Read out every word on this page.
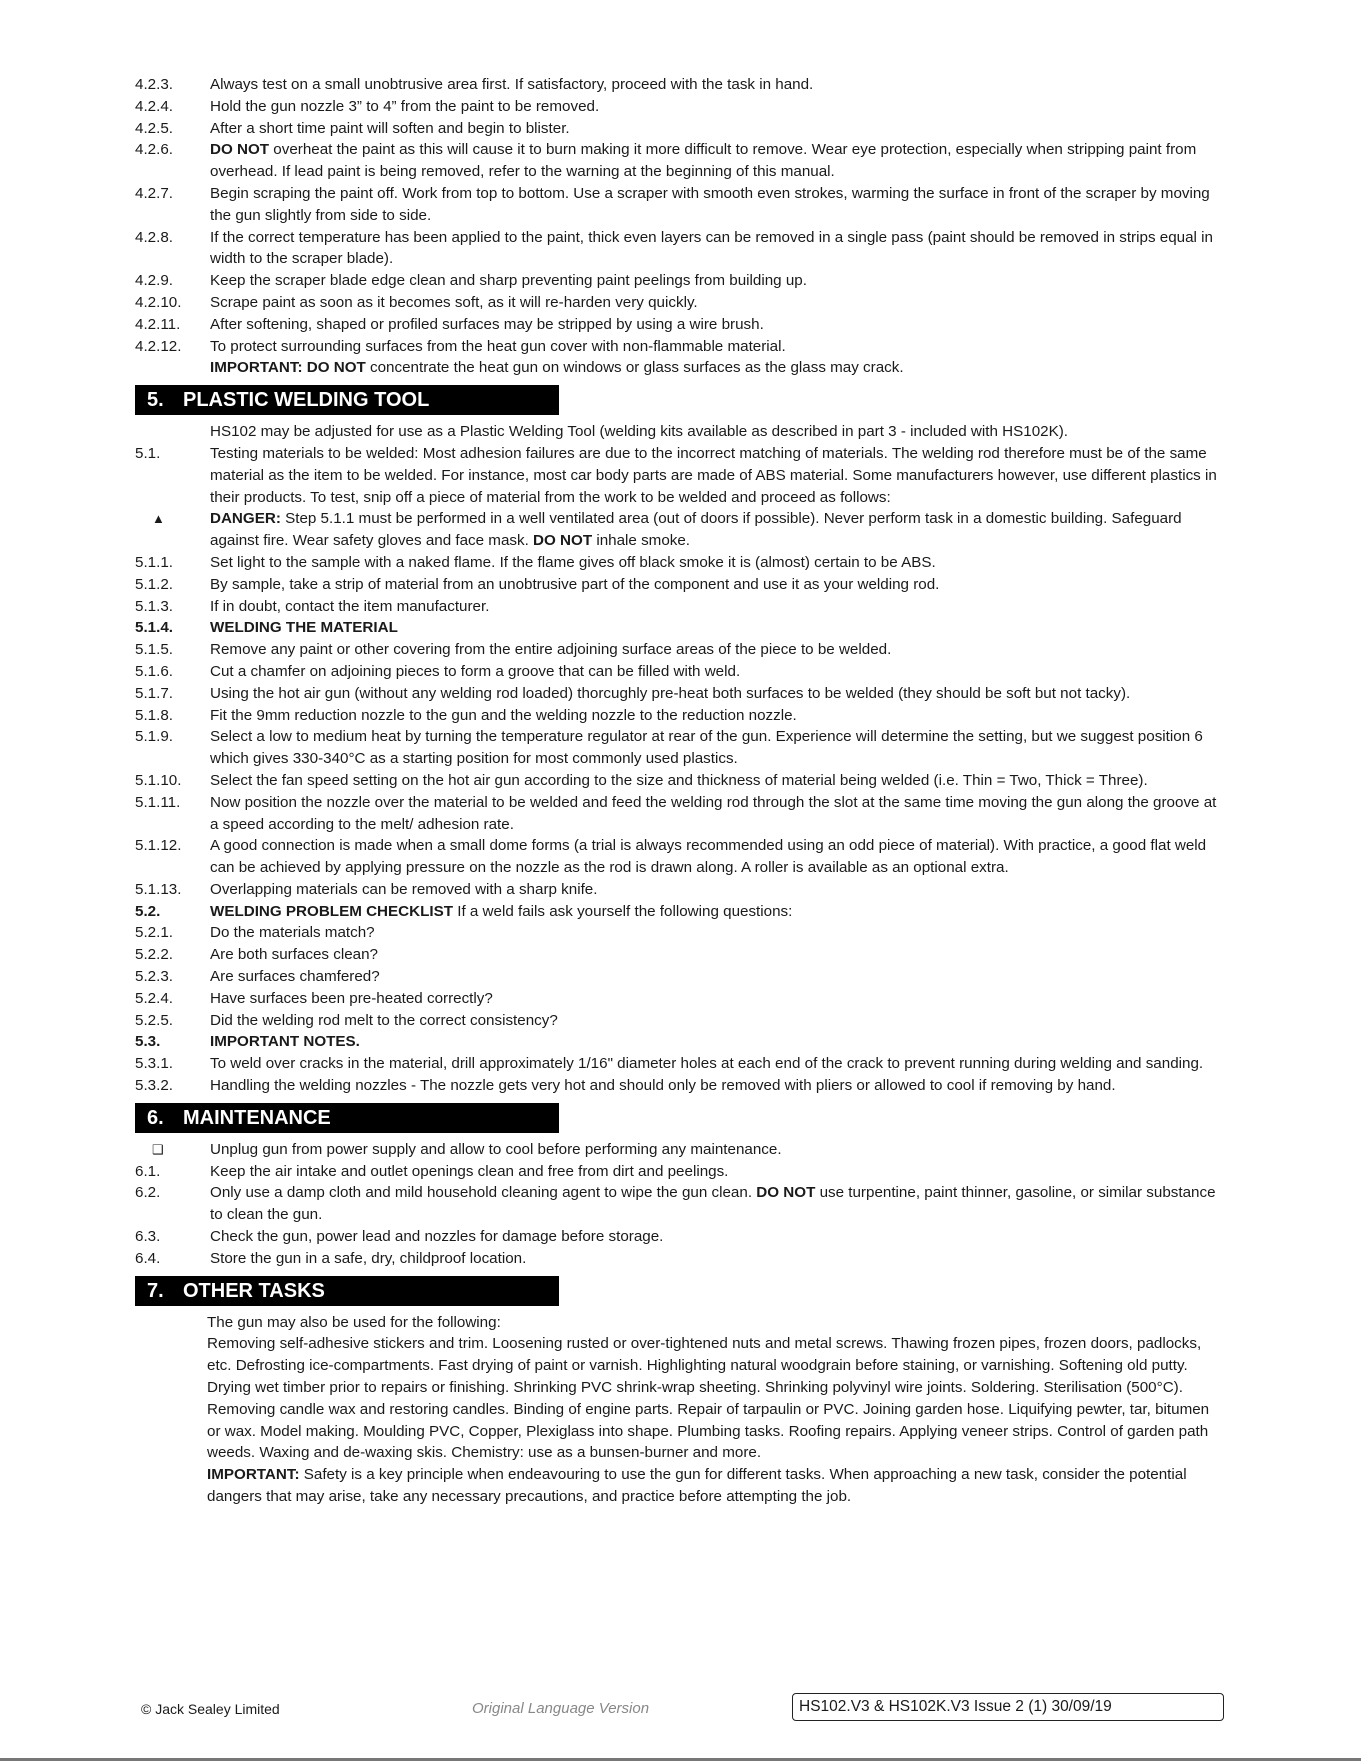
4.2.3.	Always test on a small unobtrusive area first. If satisfactory, proceed with the task in hand.
4.2.4.	Hold the gun nozzle 3” to 4” from the paint to be removed.
4.2.5.	After a short time paint will soften and begin to blister.
4.2.6.	DO NOT overheat the paint as this will cause it to burn making it more difficult to remove. Wear eye protection, especially when stripping paint from overhead. If lead paint is being removed, refer to the warning at the beginning of this manual.
4.2.7.	Begin scraping the paint off. Work from top to bottom. Use a scraper with smooth even strokes, warming the surface in front of the scraper by moving the gun slightly from side to side.
4.2.8.	If the correct temperature has been applied to the paint, thick even layers can be removed in a single pass (paint should be removed in strips equal in width to the scraper blade).
4.2.9.	Keep the scraper blade edge clean and sharp preventing paint peelings from building up.
4.2.10.	Scrape paint as soon as it becomes soft, as it will re-harden very quickly.
4.2.11.	After softening, shaped or profiled surfaces may be stripped by using a wire brush.
4.2.12.	To protect surrounding surfaces from the heat gun cover with non-flammable material.
IMPORTANT: DO NOT concentrate the heat gun on windows or glass surfaces as the glass may crack.
5. PLASTIC WELDING TOOL
HS102 may be adjusted for use as a Plastic Welding Tool (welding kits available as described in part 3 - included with HS102K).
5.1.	Testing materials to be welded: Most adhesion failures are due to the incorrect matching of materials. The welding rod therefore must be of the same material as the item to be welded. For instance, most car body parts are made of ABS material. Some manufacturers however, use different plastics in their products. To test, snip off a piece of material from the work to be welded and proceed as follows:
▲	DANGER: Step 5.1.1 must be performed in a well ventilated area (out of doors if possible). Never perform task in a domestic building. Safeguard against fire. Wear safety gloves and face mask. DO NOT inhale smoke.
5.1.1.	Set light to the sample with a naked flame. If the flame gives off black smoke it is (almost) certain to be ABS.
5.1.2.	By sample, take a strip of material from an unobtrusive part of the component and use it as your welding rod.
5.1.3.	If in doubt, contact the item manufacturer.
5.1.4.	WELDING THE MATERIAL
5.1.5.	Remove any paint or other covering from the entire adjoining surface areas of the piece to be welded.
5.1.6.	Cut a chamfer on adjoining pieces to form a groove that can be filled with weld.
5.1.7.	Using the hot air gun (without any welding rod loaded) thorcughly pre-heat both surfaces to be welded (they should be soft but not tacky).
5.1.8.	Fit the 9mm reduction nozzle to the gun and the welding nozzle to the reduction nozzle.
5.1.9.	Select a low to medium heat by turning the temperature regulator at rear of the gun. Experience will determine the setting, but we suggest position 6 which gives 330-340°C as a starting position for most commonly used plastics.
5.1.10.	Select the fan speed setting on the hot air gun according to the size and thickness of material being welded (i.e. Thin = Two, Thick = Three).
5.1.11.	Now position the nozzle over the material to be welded and feed the welding rod through the slot at the same time moving the gun along the groove at a speed according to the melt/ adhesion rate.
5.1.12.	A good connection is made when a small dome forms (a trial is always recommended using an odd piece of material). With practice, a good flat weld can be achieved by applying pressure on the nozzle as the rod is drawn along. A roller is available as an optional extra.
5.1.13.	Overlapping materials can be removed with a sharp knife.
5.2.	WELDING PROBLEM CHECKLIST If a weld fails ask yourself the following questions:
5.2.1.	Do the materials match?
5.2.2.	Are both surfaces clean?
5.2.3.	Are surfaces chamfered?
5.2.4.	Have surfaces been pre-heated correctly?
5.2.5.	Did the welding rod melt to the correct consistency?
5.3.	IMPORTANT NOTES.
5.3.1.	To weld over cracks in the material, drill approximately 1/16" diameter holes at each end of the crack to prevent running during welding and sanding.
5.3.2.	Handling the welding nozzles - The nozzle gets very hot and should only be removed with pliers or allowed to cool if removing by hand.
6. MAINTENANCE
❑	Unplug gun from power supply and allow to cool before performing any maintenance.
6.1.	Keep the air intake and outlet openings clean and free from dirt and peelings.
6.2.	Only use a damp cloth and mild household cleaning agent to wipe the gun clean. DO NOT use turpentine, paint thinner, gasoline, or similar substance to clean the gun.
6.3.	Check the gun, power lead and nozzles for damage before storage.
6.4.	Store the gun in a safe, dry, childproof location.
7. OTHER TASKS
The gun may also be used for the following:
Removing self-adhesive stickers and trim. Loosening rusted or over-tightened nuts and metal screws. Thawing frozen pipes, frozen doors, padlocks, etc. Defrosting ice-compartments. Fast drying of paint or varnish. Highlighting natural woodgrain before staining, or varnishing. Softening old putty. Drying wet timber prior to repairs or finishing. Shrinking PVC shrink-wrap sheeting. Shrinking polyvinyl wire joints. Soldering. Sterilisation (500°C). Removing candle wax and restoring candles. Binding of engine parts. Repair of tarpaulin or PVC. Joining garden hose. Liquifying pewter, tar, bitumen or wax. Model making. Moulding PVC, Copper, Plexiglass into shape. Plumbing tasks. Roofing repairs. Applying veneer strips. Control of garden path weeds. Waxing and de-waxing skis. Chemistry: use as a bunsen-burner and more.
IMPORTANT: Safety is a key principle when endeavouring to use the gun for different tasks. When approaching a new task, consider the potential dangers that may arise, take any necessary precautions, and practice before attempting the job.
© Jack Sealey Limited	Original Language Version	HS102.V3 & HS102K.V3 Issue 2 (1) 30/09/19
